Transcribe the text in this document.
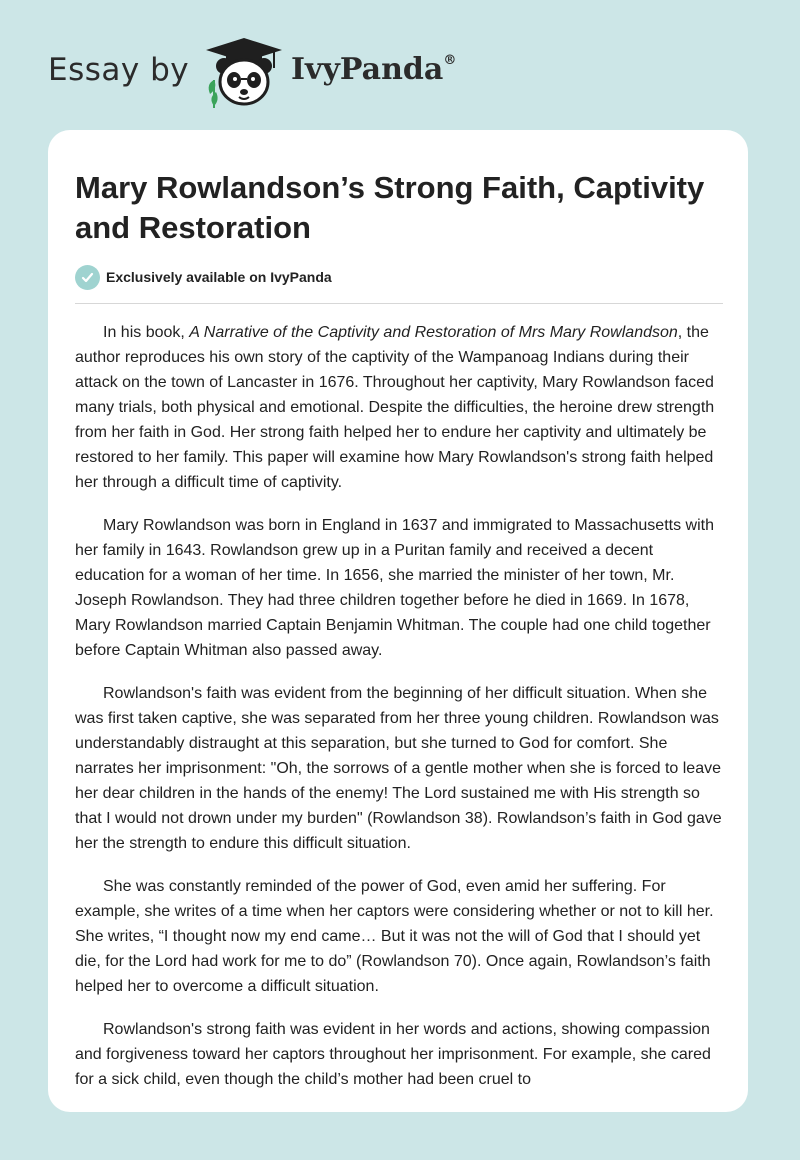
Essay by	IvyPanda®
Mary Rowlandson’s Strong Faith, Captivity and Restoration
Exclusively available on IvyPanda

In his book, A Narrative of the Captivity and Restoration of Mrs Mary Rowlandson, the author reproduces his own story of the captivity of the Wampanoag Indians during their attack on the town of Lancaster in 1676. Throughout her captivity, Mary Rowlandson faced many trials, both physical and emotional. Despite the difficulties, the heroine drew strength from her faith in God. Her strong faith helped her to endure her captivity and ultimately be restored to her family. This paper will examine how Mary Rowlandson's strong faith helped her through a difficult time of captivity.

Mary Rowlandson was born in England in 1637 and immigrated to Massachusetts with her family in 1643. Rowlandson grew up in a Puritan family and received a decent education for a woman of her time. In 1656, she married the minister of her town, Mr. Joseph Rowlandson. They had three children together before he died in 1669. In 1678, Mary Rowlandson married Captain Benjamin Whitman. The couple had one child together before Captain Whitman also passed away.

Rowlandson's faith was evident from the beginning of her difficult situation. When she was first taken captive, she was separated from her three young children. Rowlandson was understandably distraught at this separation, but she turned to God for comfort. She narrates her imprisonment: "Oh, the sorrows of a gentle mother when she is forced to leave her dear children in the hands of the enemy! The Lord sustained me with His strength so that I would not drown under my burden" (Rowlandson 38). Rowlandson’s faith in God gave her the strength to endure this difficult situation.

She was constantly reminded of the power of God, even amid her suffering. For example, she writes of a time when her captors were considering whether or not to kill her. She writes, “I thought now my end came… But it was not the will of God that I should yet die, for the Lord had work for me to do” (Rowlandson 70). Once again, Rowlandson’s faith helped her to overcome a difficult situation.

Rowlandson's strong faith was evident in her words and actions, showing compassion and forgiveness toward her captors throughout her imprisonment. For example, she cared for a sick child, even though the child’s mother had been cruel to
